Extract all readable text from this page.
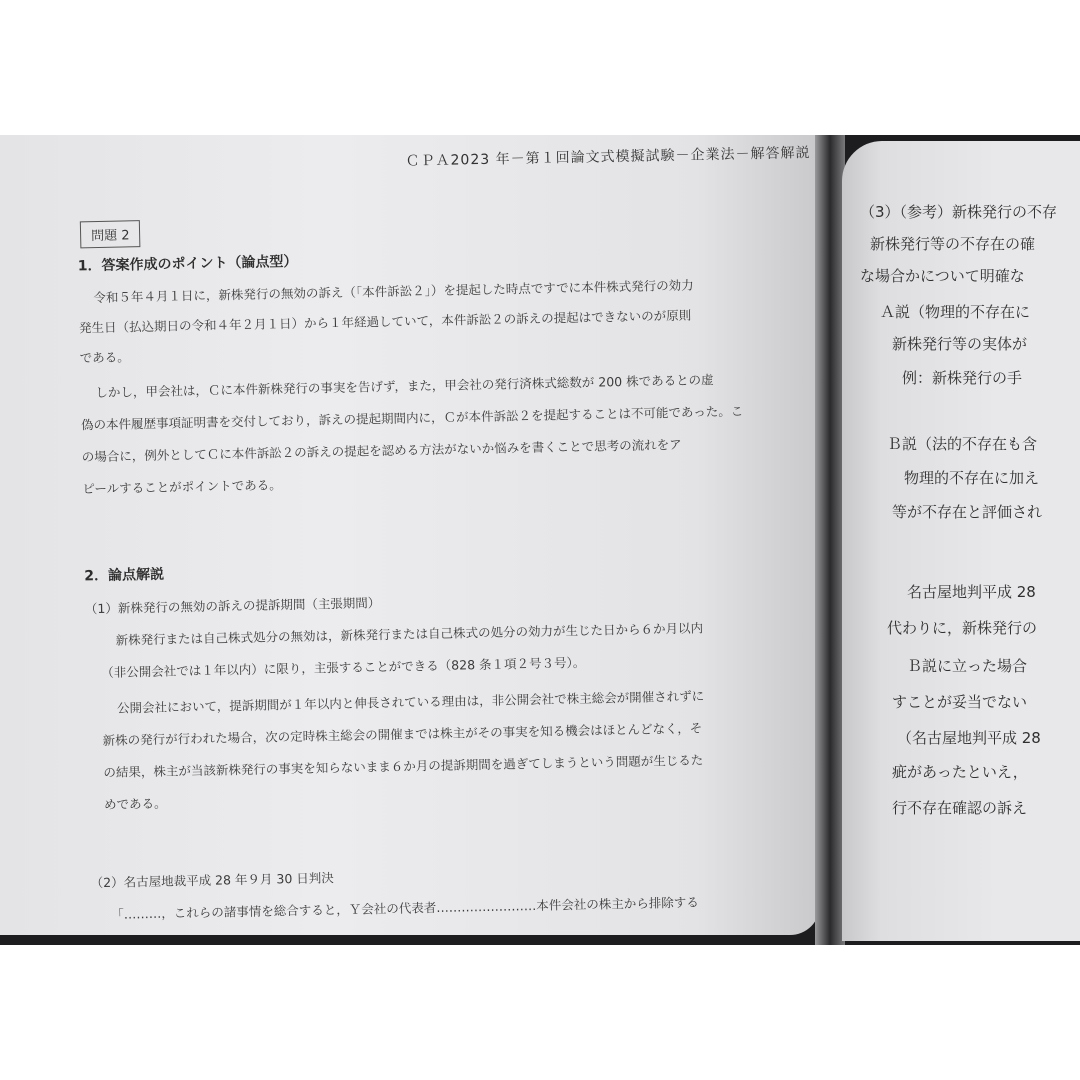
ＣＰＡ2023 年－第１回論文式模擬試験－企業法－解答解説
問題 2
1．答案作成のポイント（論点型）
令和５年４月１日に，新株発行の無効の訴え（「本件訴訟２」）を提起した時点ですでに本件株式発行の効力
発生日（払込期日の令和４年２月１日）から１年経過していて，本件訴訟２の訴えの提起はできないのが原則
である。
しかし，甲会社は，Ｃに本件新株発行の事実を告げず，また，甲会社の発行済株式総数が 200 株であるとの虚
偽の本件履歴事項証明書を交付しており，訴えの提起期間内に，Ｃが本件訴訟２を提起することは不可能であった。こ
の場合に，例外としてＣに本件訴訟２の訴えの提起を認める方法がないか悩みを書くことで思考の流れをア
ピールすることがポイントである。
2．論点解説
（1）新株発行の無効の訴えの提訴期間（主張期間）
新株発行または自己株式処分の無効は，新株発行または自己株式の処分の効力が生じた日から６か月以内
（非公開会社では１年以内）に限り，主張することができる（828 条１項２号３号）。
公開会社において，提訴期間が１年以内と伸長されている理由は，非公開会社で株主総会が開催されずに
新株の発行が行われた場合，次の定時株主総会の開催までは株主がその事実を知る機会はほとんどなく，そ
の結果，株主が当該新株発行の事実を知らないまま６か月の提訴期間を過ぎてしまうという問題が生じるた
めである。
（2）名古屋地裁平成 28 年９月 30 日判決
「………，これらの諸事情を総合すると，Ｙ会社の代表者……………………本件会社の株主から排除する
（3）（参考）新株発行の不存
新株発行等の不存在の確
な場合かについて明確な
Ａ説（物理的不存在に
新株発行等の実体が
例：新株発行の手
Ｂ説（法的不存在も含
物理的不存在に加え
等が不存在と評価され
名古屋地判平成 28
代わりに，新株発行の
Ｂ説に立った場合
すことが妥当でない
（名古屋地判平成 28
疵があったといえ，
行不存在確認の訴え
